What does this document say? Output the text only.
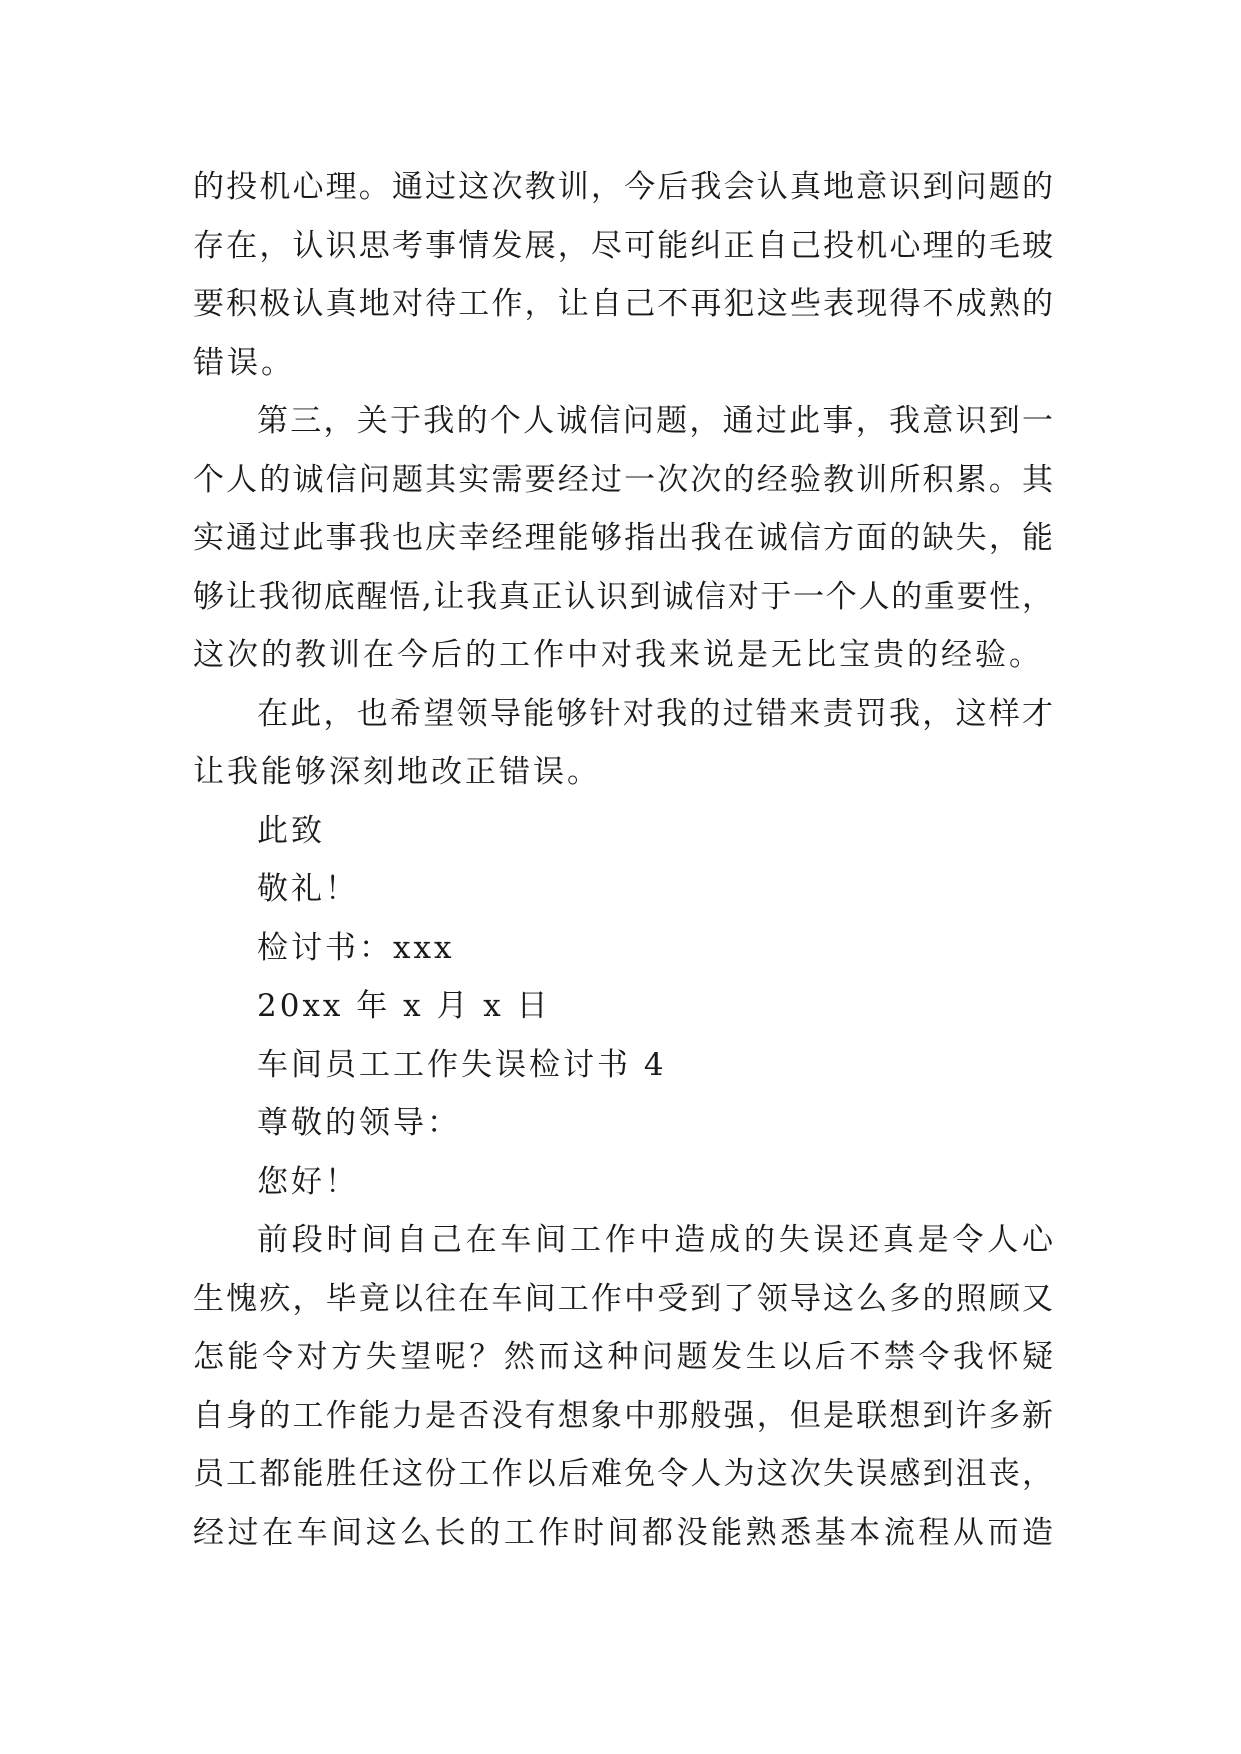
的投机心理。通过这次教训，今后我会认真地意识到问题的
存在，认识思考事情发展，尽可能纠正自己投机心理的毛玻
要积极认真地对待工作，让自己不再犯这些表现得不成熟的
错误。
第三，关于我的个人诚信问题，通过此事，我意识到一
个人的诚信问题其实需要经过一次次的经验教训所积累。其
实通过此事我也庆幸经理能够指出我在诚信方面的缺失，能
够让我彻底醒悟,让我真正认识到诚信对于一个人的重要性，
这次的教训在今后的工作中对我来说是无比宝贵的经验。
在此，也希望领导能够针对我的过错来责罚我，这样才
让我能够深刻地改正错误。
此致
敬礼！
检讨书：xxx
20xx 年 x 月 x 日
车间员工工作失误检讨书 4
尊敬的领导：
您好！
前段时间自己在车间工作中造成的失误还真是令人心
生愧疚，毕竟以往在车间工作中受到了领导这么多的照顾又
怎能令对方失望呢？然而这种问题发生以后不禁令我怀疑
自身的工作能力是否没有想象中那般强，但是联想到许多新
员工都能胜任这份工作以后难免令人为这次失误感到沮丧，
经过在车间这么长的工作时间都没能熟悉基本流程从而造
